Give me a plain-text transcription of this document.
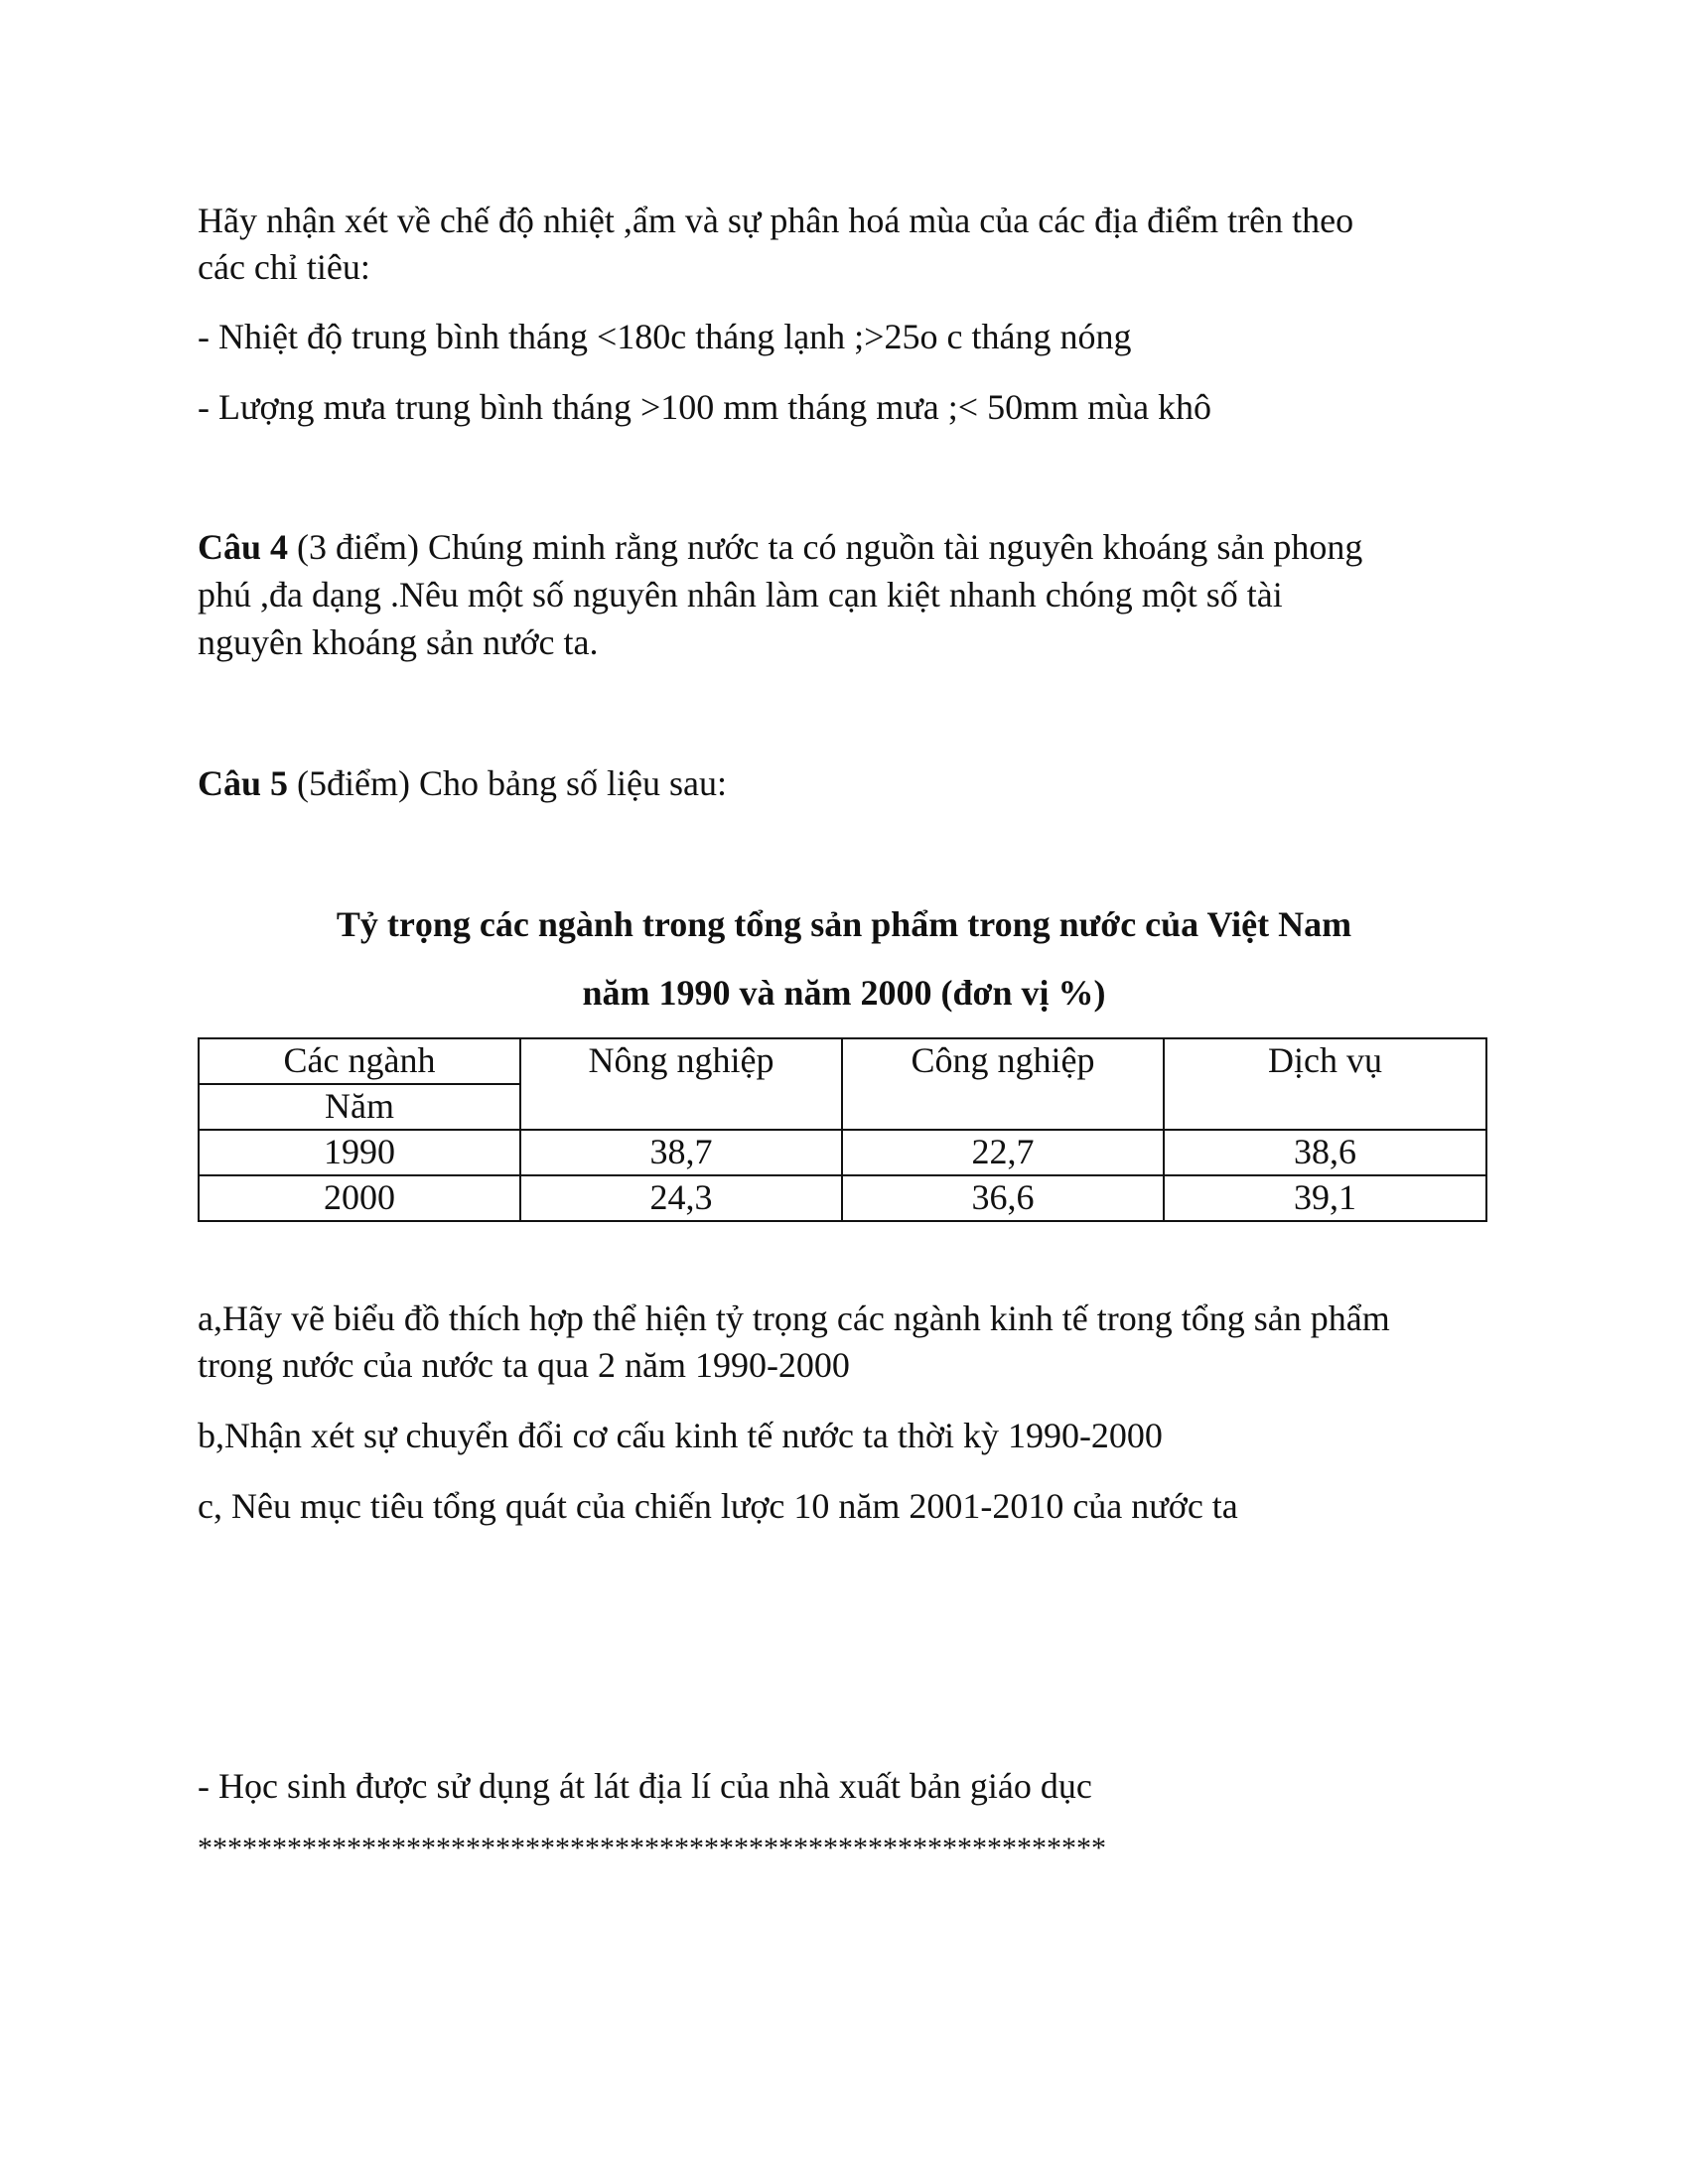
Hãy nhận xét về chế độ nhiệt ,ẩm và sự phân hoá mùa của các địa điểm trên theo
các chỉ tiêu:
- Nhiệt độ trung bình tháng <180c tháng lạnh ;>25o c tháng nóng
- Lượng mưa trung bình tháng >100 mm tháng mưa ;< 50mm mùa khô
Câu 4 (3 điểm) Chúng minh rằng nước ta có nguồn tài nguyên khoáng sản phong
phú ,đa dạng .Nêu một số nguyên nhân làm cạn kiệt nhanh chóng một số tài
nguyên khoáng sản nước ta.
Câu 5 (5điểm) Cho bảng số liệu sau:
Tỷ trọng các ngành trong tổng sản phẩm trong nước của Việt Nam
năm 1990 và năm 2000 (đơn vị %)
Các ngành	Nông nghiệp	Công nghiệp	Dịch vụ
Năm			
1990	38,7	22,7	38,6
2000	24,3	36,6	39,1
a,Hãy vẽ biểu đồ thích hợp thể hiện tỷ trọng các ngành kinh tế trong tổng sản phẩm
trong nước của nước ta qua 2 năm 1990-2000
b,Nhận xét sự chuyển đổi cơ cấu kinh tế nước ta thời kỳ 1990-2000
c, Nêu mục tiêu tổng quát của chiến lược 10 năm 2001-2010 của nước ta
- Học sinh được sử dụng át lát địa lí của nhà xuất bản giáo dục
*************************************************************
